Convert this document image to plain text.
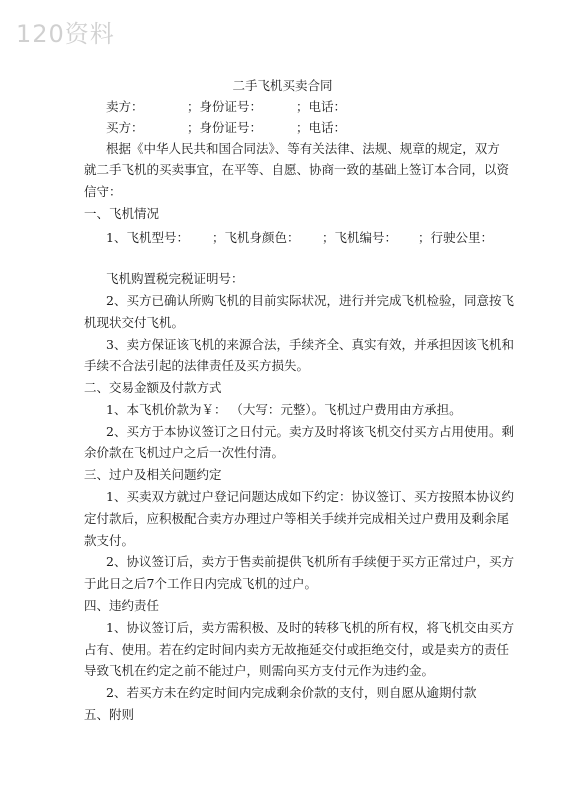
120资料
二手飞机买卖合同
卖方：	；身份证号：	；电话：
买方：	；身份证号：	；电话：
根据《中华人民共和国合同法》、等有关法律、法规、规章的规定，双方
就二手飞机的买卖事宜，在平等、自愿、协商一致的基础上签订本合同，以资
信守：
一、飞机情况
1、飞机型号： ；飞机身颜色： ；飞机编号： ；行驶公里：
飞机购置税完税证明号：
2、买方已确认所购飞机的目前实际状况，进行并完成飞机检验，同意按飞
机现状交付飞机。
3、卖方保证该飞机的来源合法，手续齐全、真实有效，并承担因该飞机和
手续不合法引起的法律责任及买方损失。
二、交易金额及付款方式
1、本飞机价款为￥： （大写：元整）。飞机过户费用由方承担。
2、买方于本协议签订之日付元。卖方及时将该飞机交付买方占用使用。剩
余价款在飞机过户之后一次性付清。
三、过户及相关问题约定
1、买卖双方就过户登记问题达成如下约定：协议签订、买方按照本协议约
定付款后，应积极配合卖方办理过户等相关手续并完成相关过户费用及剩余尾
款支付。
2、协议签订后，卖方于售卖前提供飞机所有手续便于买方正常过户，买方
于此日之后7个工作日内完成飞机的过户。
四、违约责任
1、协议签订后，卖方需积极、及时的转移飞机的所有权，将飞机交由买方
占有、使用。若在约定时间内卖方无故拖延交付或拒绝交付，或是卖方的责任
导致飞机在约定之前不能过户，则需向买方支付元作为违约金。
2、若买方未在约定时间内完成剩余价款的支付，则自愿从逾期付款
五、附则
